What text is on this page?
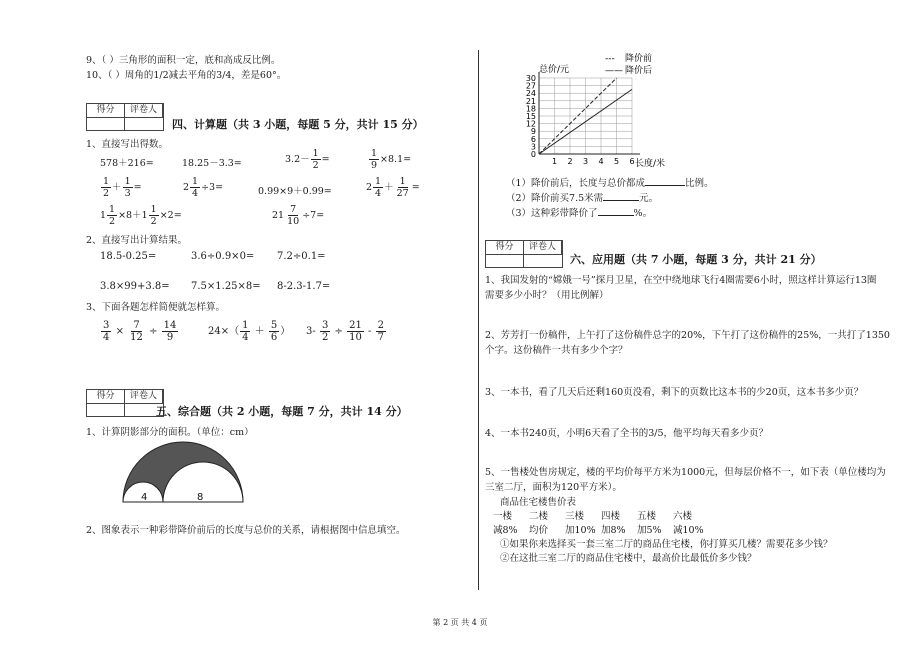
9、（ ）三角形的面积一定，底和高成反比例。
10、（ ）周角的1/2减去平角的3/4，差是60°。
得分	评卷人
四、计算题（共 3 小题，每题 5 分，共计 15 分）
1、直接写出得数。
578＋216=	18.25－3.3=	$3.2- \frac{1}{2}$ =	$\frac{1}{9} \times 8.1=$
$\frac{1}{2} + \frac{1}{3}$ =	$2 \frac{1}{4} \div 3=$	0.99×9＋0.99=	$2 \frac{1}{4} + \frac{1}{27}$ =
$1 \frac{1}{2} \times 8+1 \frac{1}{2} \times 2=$	$21 \frac{7}{10} \div 7=$
2、直接写出计算结果。
18.5-0.25=	3.6÷0.9×0= 7.2÷0.1=
3.8×99+3.8= 7.5×1.25×8= 8-2.3-1.7=
3、下面各题怎样简便就怎样算。
$\frac{3}{4} \times \frac{7}{12} \div \frac{14}{9}$	$24\times( \frac{1}{4} + \frac{5}{6}$ ） $3- \frac{3}{2} \div \frac{21}{10} - \frac{2}{7}$
得分	评卷人
五、综合题（共 2 小题，每题 7 分，共计 14 分）
1、计算阴影部分的面积。（单位：cm）
4	8
2、图象表示一种彩带降价前后的长度与总价的关系，请根据图中信息填空。
0
3
6
9
12
15
18
21
24
27
30
1 2 3 4 5 6
总价/元
长度/米
--- 降价前
—— 降价后
（1）降价前后，长度与总价都成	比例。
（2）降价前买7.5米需	元。
（3）这种彩带降价了	%。
得分	评卷人
六、应用题（共 7 小题，每题 3 分，共计 21 分）
1、我国发射的“嫦娥一号”探月卫星，在空中绕地球飞行4圈需要6小时，照这样计算运行13圈
需要多少小时？（用比例解）
2、芳芳打一份稿件，上午打了这份稿件总字的20%，下午打了这份稿件的25%，一共打了1350
个字。这份稿件一共有多少个字？
3、一本书，看了几天后还剩160页没看，剩下的页数比这本书的少20页，这本书多少页？
4、一本书240页，小明6天看了全书的3/5，他平均每天看多少页？
5、一售楼处售房规定，楼的平均价每平方米为1000元，但每层价格不一，如下表（单位楼均为
三室二厅，面积为120平方米）。
商品住宅楼售价表
一楼 二楼 三楼 四楼 五楼 六楼
减8% 均价 加10% 加8% 加5% 减10%
①如果你来选择买一套三室二厅的商品住宅楼，你打算买几楼？需要花多少钱？
②在这批三室二厅的商品住宅楼中，最高价比最低价多少钱？
第 2 页 共 4 页
